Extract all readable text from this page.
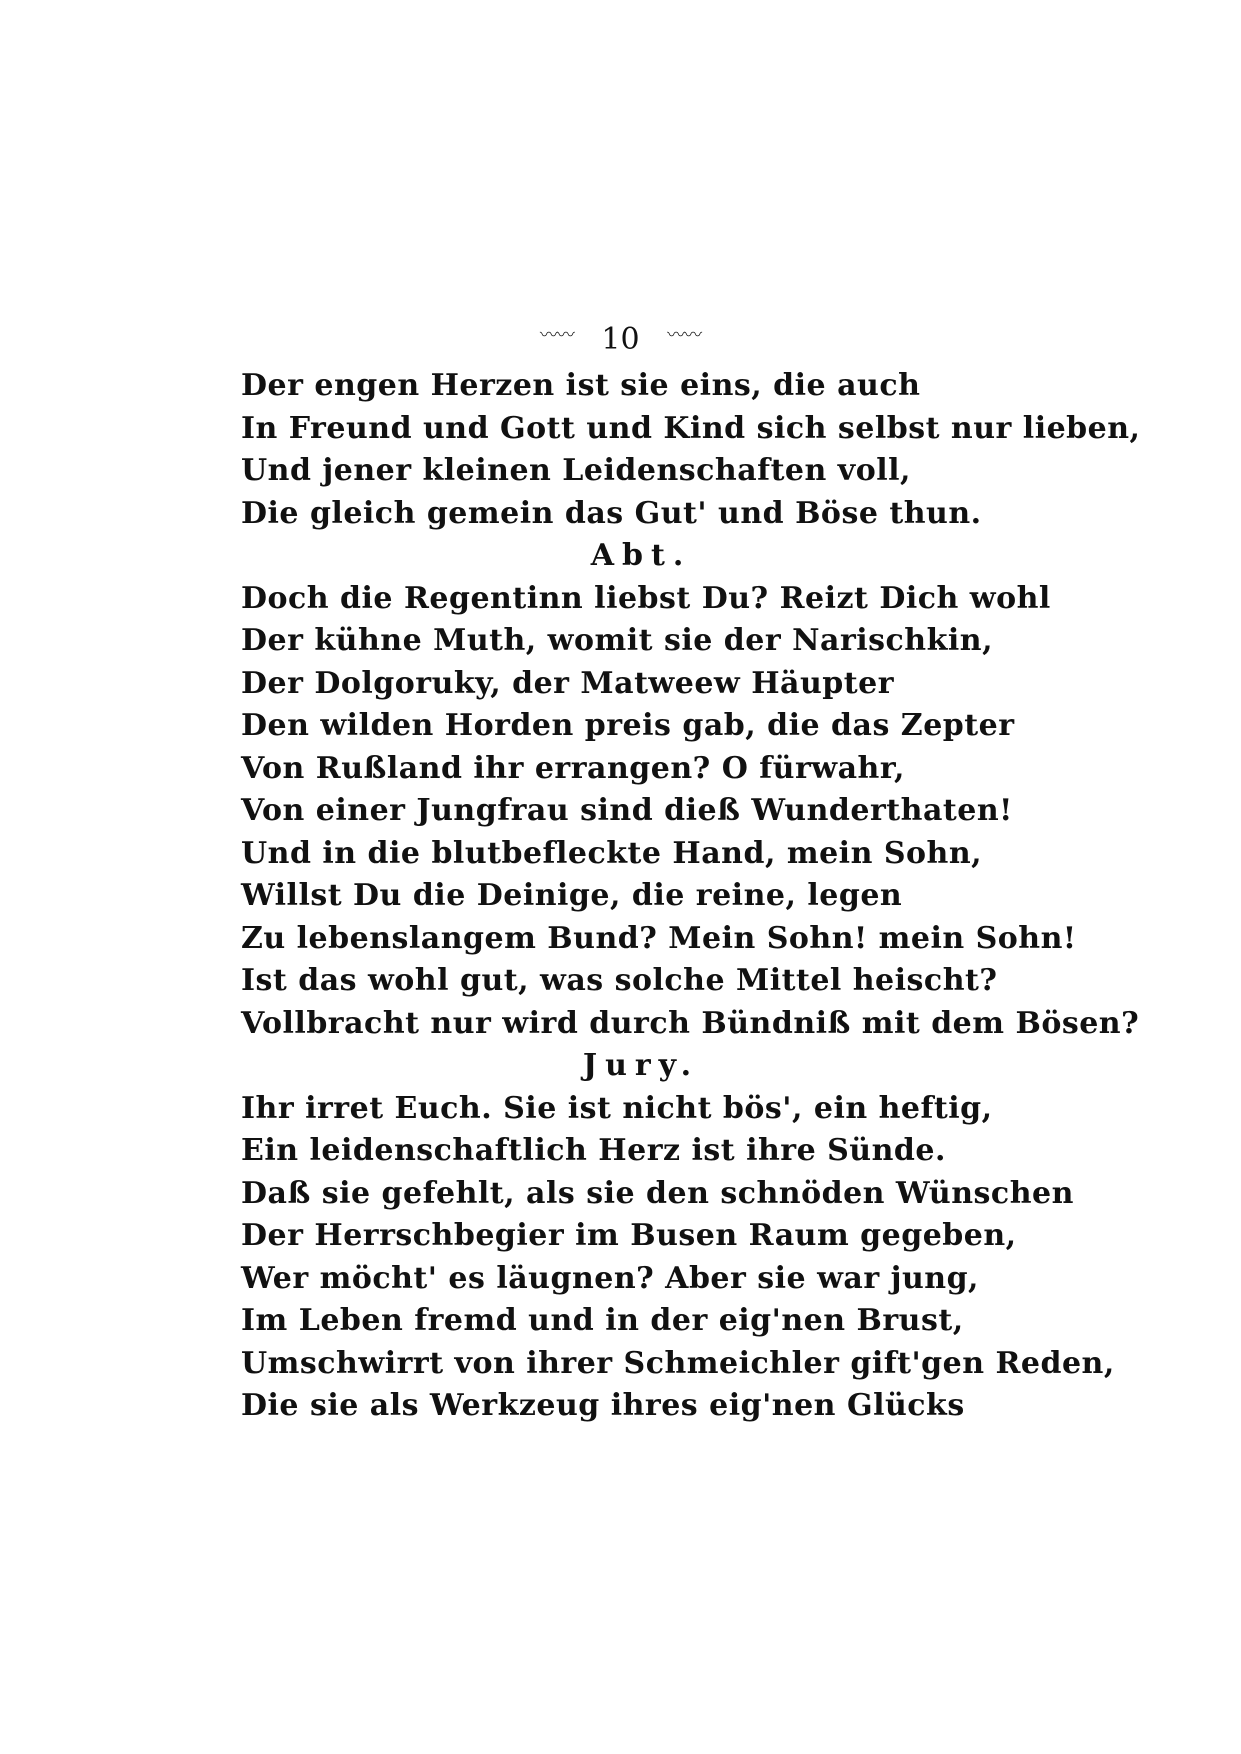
〰〰 10 〰〰
Der engen Herzen ist sie eins, die auch
In Freund und Gott und Kind sich selbst nur lieben,
Und jener kleinen Leidenschaften voll,
Die gleich gemein das Gut' und Böse thun.
Abt.
Doch die Regentinn liebst Du? Reizt Dich wohl
Der kühne Muth, womit sie der Narischkin,
Der Dolgoruky, der Matweew Häupter
Den wilden Horden preis gab, die das Zepter
Von Rußland ihr errangen? O fürwahr,
Von einer Jungfrau sind dieß Wunderthaten!
Und in die blutbefleckte Hand, mein Sohn,
Willst Du die Deinige, die reine, legen
Zu lebenslangem Bund? Mein Sohn! mein Sohn!
Ist das wohl gut, was solche Mittel heischt?
Vollbracht nur wird durch Bündniß mit dem Bösen?
Jury.
Ihr irret Euch. Sie ist nicht bös', ein heftig,
Ein leidenschaftlich Herz ist ihre Sünde.
Daß sie gefehlt, als sie den schnöden Wünschen
Der Herrschbegier im Busen Raum gegeben,
Wer möcht' es läugnen? Aber sie war jung,
Im Leben fremd und in der eig'nen Brust,
Umschwirrt von ihrer Schmeichler gift'gen Reden,
Die sie als Werkzeug ihres eig'nen Glücks
